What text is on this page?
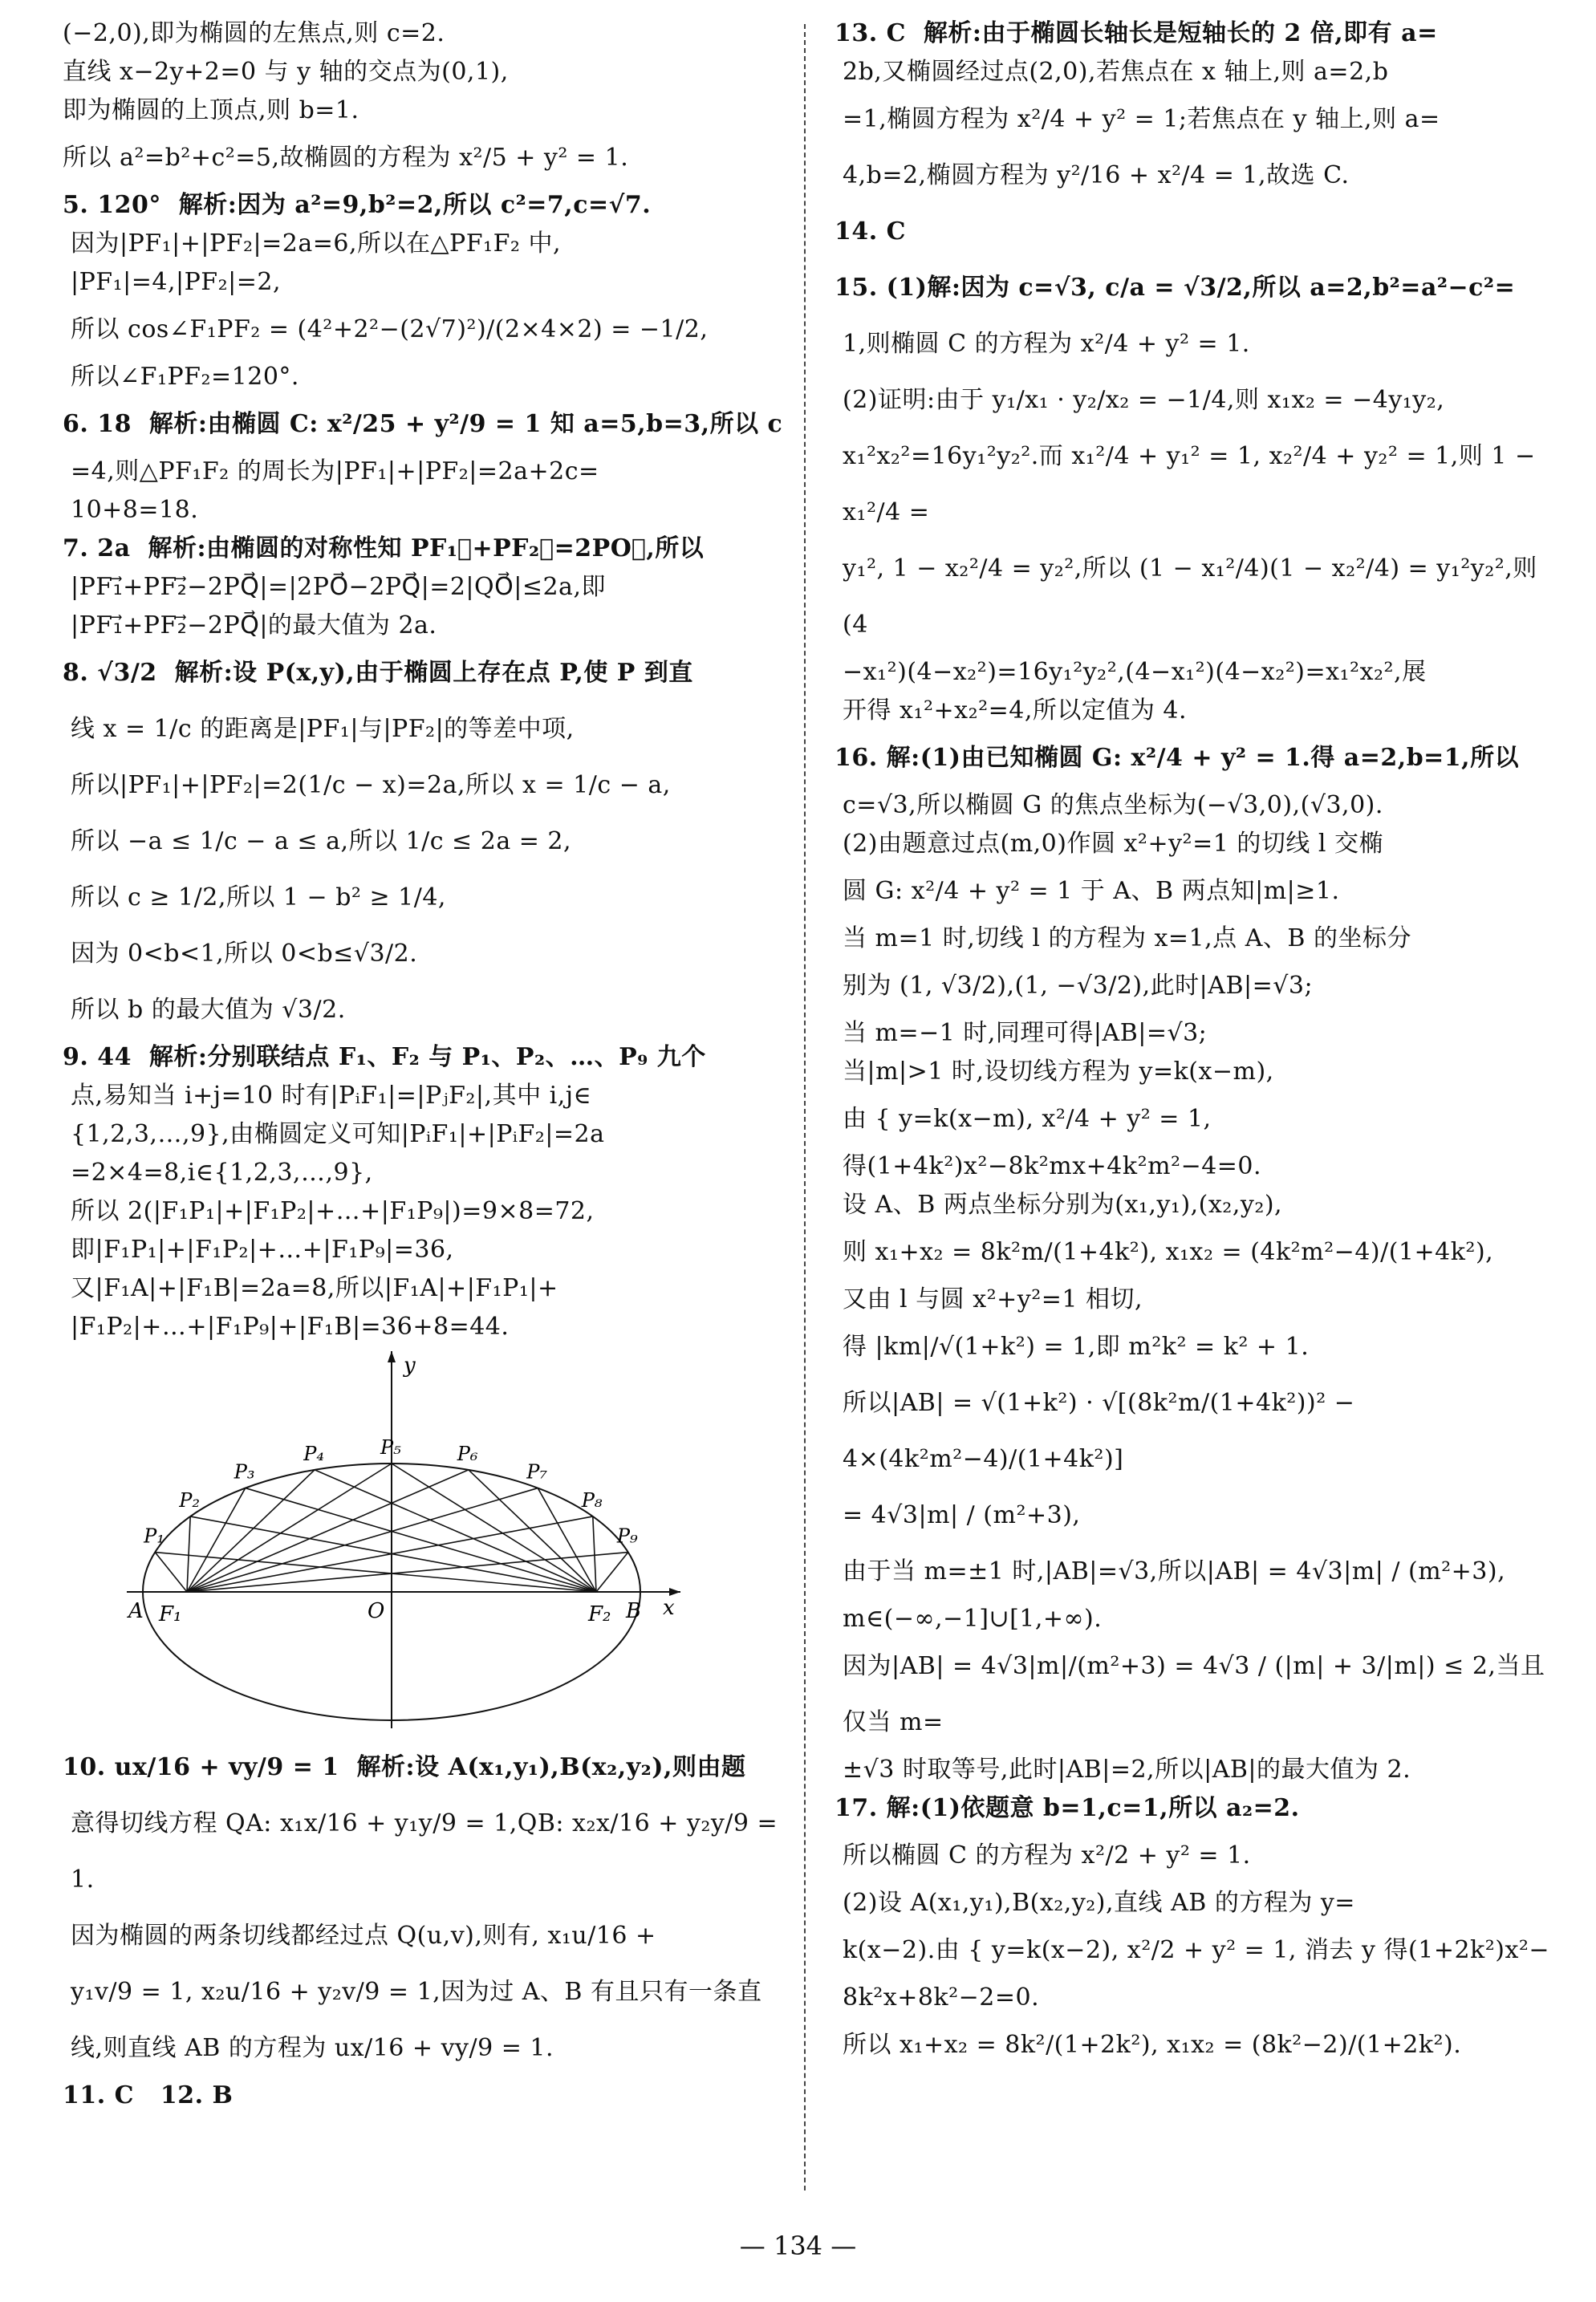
(−2,0),即为椭圆的左焦点,则 c=2.
直线 x−2y+2=0 与 y 轴的交点为(0,1),
即为椭圆的上顶点,则 b=1.
所以 a²=b²+c²=5,故椭圆的方程为 x²/5 + y² = 1.
5. 120°  解析:因为 a²=9,b²=2,所以 c²=7,c=√7.
因为|PF₁|+|PF₂|=2a=6,所以在△PF₁F₂ 中,
|PF₁|=4,|PF₂|=2,
所以 cos∠F₁PF₂ = (4²+2²−(2√7)²)/(2×4×2) = −1/2,
所以∠F₁PF₂=120°.
6. 18  解析:由椭圆 C: x²/25 + y²/9 = 1 知 a=5,b=3,所以 c
=4,则△PF₁F₂ 的周长为|PF₁|+|PF₂|=2a+2c=
10+8=18.
7. 2a  解析:由椭圆的对称性知 PF₁⃗+PF₂⃗=2PO⃗,所以
|PF₁⃗+PF₂⃗−2PQ⃗|=|2PO⃗−2PQ⃗|=2|QO⃗|≤2a,即
|PF₁⃗+PF₂⃗−2PQ⃗|的最大值为 2a.
8. √3/2  解析:设 P(x,y),由于椭圆上存在点 P,使 P 到直
线 x = 1/c 的距离是|PF₁|与|PF₂|的等差中项,
所以|PF₁|+|PF₂|=2(1/c − x)=2a,所以 x = 1/c − a,
所以 −a ≤ 1/c − a ≤ a,所以 1/c ≤ 2a = 2,
所以 c ≥ 1/2,所以 1 − b² ≥ 1/4,
因为 0<b<1,所以 0<b≤√3/2.
所以 b 的最大值为 √3/2.
9. 44  解析:分别联结点 F₁、F₂ 与 P₁、P₂、…、P₉ 九个
点,易知当 i+j=10 时有|PᵢF₁|=|PⱼF₂|,其中 i,j∈
{1,2,3,…,9},由椭圆定义可知|PᵢF₁|+|PᵢF₂|=2a
=2×4=8,i∈{1,2,3,…,9},
所以 2(|F₁P₁|+|F₁P₂|+…+|F₁P₉|)=9×8=72,
即|F₁P₁|+|F₁P₂|+…+|F₁P₉|=36,
又|F₁A|+|F₁B|=2a=8,所以|F₁A|+|F₁P₁|+
|F₁P₂|+…+|F₁P₉|+|F₁B|=36+8=44.
y
x
O
A F₁	F₂ B
P₁
P₂
P₃
P₄	P₅	P₆
P₇
P₈
P₉
10. ux/16 + vy/9 = 1  解析:设 A(x₁,y₁),B(x₂,y₂),则由题
意得切线方程 QA: x₁x/16 + y₁y/9 = 1,QB: x₂x/16 + y₂y/9 = 1.
因为椭圆的两条切线都经过点 Q(u,v),则有, x₁u/16 +
y₁v/9 = 1, x₂u/16 + y₂v/9 = 1,因为过 A、B 有且只有一条直
线,则直线 AB 的方程为 ux/16 + vy/9 = 1.
11. C   12. B
13. C  解析:由于椭圆长轴长是短轴长的 2 倍,即有 a=
2b,又椭圆经过点(2,0),若焦点在 x 轴上,则 a=2,b
=1,椭圆方程为 x²/4 + y² = 1;若焦点在 y 轴上,则 a=
4,b=2,椭圆方程为 y²/16 + x²/4 = 1,故选 C.
14. C
15. (1)解:因为 c=√3, c/a = √3/2,所以 a=2,b²=a²−c²=
1,则椭圆 C 的方程为 x²/4 + y² = 1.
(2)证明:由于 y₁/x₁ · y₂/x₂ = −1/4,则 x₁x₂ = −4y₁y₂,
x₁²x₂²=16y₁²y₂².而 x₁²/4 + y₁² = 1, x₂²/4 + y₂² = 1,则 1 − x₁²/4 =
y₁², 1 − x₂²/4 = y₂²,所以 (1 − x₁²/4)(1 − x₂²/4) = y₁²y₂²,则(4
−x₁²)(4−x₂²)=16y₁²y₂²,(4−x₁²)(4−x₂²)=x₁²x₂²,展
开得 x₁²+x₂²=4,所以定值为 4.
16. 解:(1)由已知椭圆 G: x²/4 + y² = 1.得 a=2,b=1,所以
c=√3,所以椭圆 G 的焦点坐标为(−√3,0),(√3,0).
(2)由题意过点(m,0)作圆 x²+y²=1 的切线 l 交椭
圆 G: x²/4 + y² = 1 于 A、B 两点知|m|≥1.
当 m=1 时,切线 l 的方程为 x=1,点 A、B 的坐标分
别为 (1, √3/2),(1, −√3/2),此时|AB|=√3;
当 m=−1 时,同理可得|AB|=√3;
当|m|>1 时,设切线方程为 y=k(x−m),
由 { y=k(x−m), x²/4 + y² = 1,
得(1+4k²)x²−8k²mx+4k²m²−4=0.
设 A、B 两点坐标分别为(x₁,y₁),(x₂,y₂),
则 x₁+x₂ = 8k²m/(1+4k²), x₁x₂ = (4k²m²−4)/(1+4k²),
又由 l 与圆 x²+y²=1 相切,
得 |km|/√(1+k²) = 1,即 m²k² = k² + 1.
所以|AB| = √(1+k²) · √[(8k²m/(1+4k²))² − 4×(4k²m²−4)/(1+4k²)]
= 4√3|m| / (m²+3),
由于当 m=±1 时,|AB|=√3,所以|AB| = 4√3|m| / (m²+3),
m∈(−∞,−1]∪[1,+∞).
因为|AB| = 4√3|m|/(m²+3) = 4√3 / (|m| + 3/|m|) ≤ 2,当且仅当 m=
±√3 时取等号,此时|AB|=2,所以|AB|的最大值为 2.
17. 解:(1)依题意 b=1,c=1,所以 a₂=2.
所以椭圆 C 的方程为 x²/2 + y² = 1.
(2)设 A(x₁,y₁),B(x₂,y₂),直线 AB 的方程为 y=
k(x−2).由 { y=k(x−2), x²/2 + y² = 1, 消去 y 得(1+2k²)x²−
8k²x+8k²−2=0.
所以 x₁+x₂ = 8k²/(1+2k²), x₁x₂ = (8k²−2)/(1+2k²).
— 134 —
